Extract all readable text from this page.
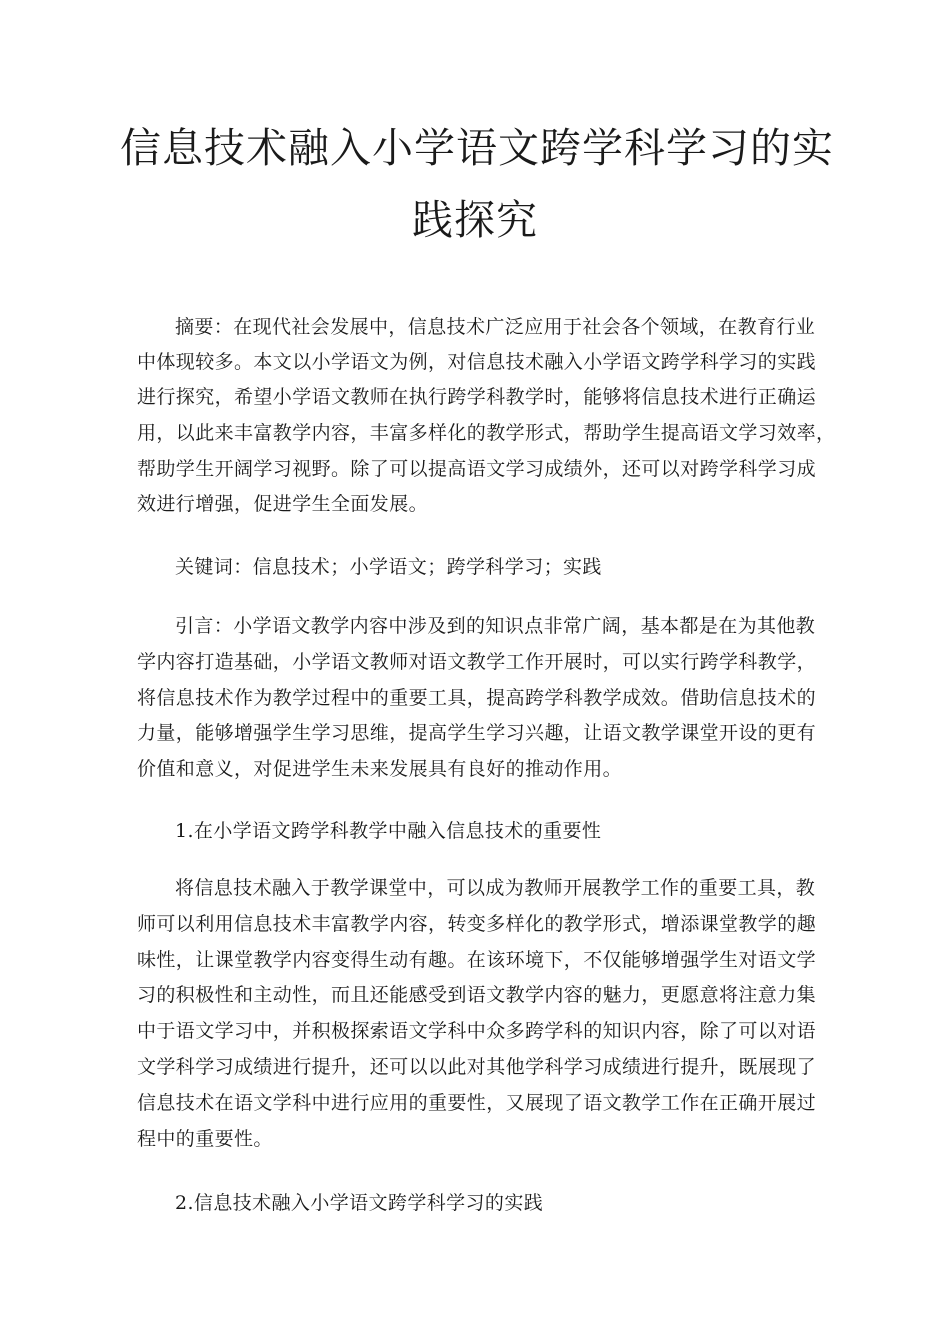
信息技术融入小学语文跨学科学习的实
践探究
摘要：在现代社会发展中，信息技术广泛应用于社会各个领域，在教育行业
中体现较多。本文以小学语文为例，对信息技术融入小学语文跨学科学习的实践
进行探究，希望小学语文教师在执行跨学科教学时，能够将信息技术进行正确运
用，以此来丰富教学内容，丰富多样化的教学形式，帮助学生提高语文学习效率，
帮助学生开阔学习视野。除了可以提高语文学习成绩外，还可以对跨学科学习成
效进行增强，促进学生全面发展。
关键词：信息技术；小学语文；跨学科学习；实践
引言：小学语文教学内容中涉及到的知识点非常广阔，基本都是在为其他教
学内容打造基础，小学语文教师对语文教学工作开展时，可以实行跨学科教学，
将信息技术作为教学过程中的重要工具，提高跨学科教学成效。借助信息技术的
力量，能够增强学生学习思维，提高学生学习兴趣，让语文教学课堂开设的更有
价值和意义，对促进学生未来发展具有良好的推动作用。
1.在小学语文跨学科教学中融入信息技术的重要性
将信息技术融入于教学课堂中，可以成为教师开展教学工作的重要工具，教
师可以利用信息技术丰富教学内容，转变多样化的教学形式，增添课堂教学的趣
味性，让课堂教学内容变得生动有趣。在该环境下，不仅能够增强学生对语文学
习的积极性和主动性，而且还能感受到语文教学内容的魅力，更愿意将注意力集
中于语文学习中，并积极探索语文学科中众多跨学科的知识内容，除了可以对语
文学科学习成绩进行提升，还可以以此对其他学科学习成绩进行提升，既展现了
信息技术在语文学科中进行应用的重要性，又展现了语文教学工作在正确开展过
程中的重要性。
2.信息技术融入小学语文跨学科学习的实践
